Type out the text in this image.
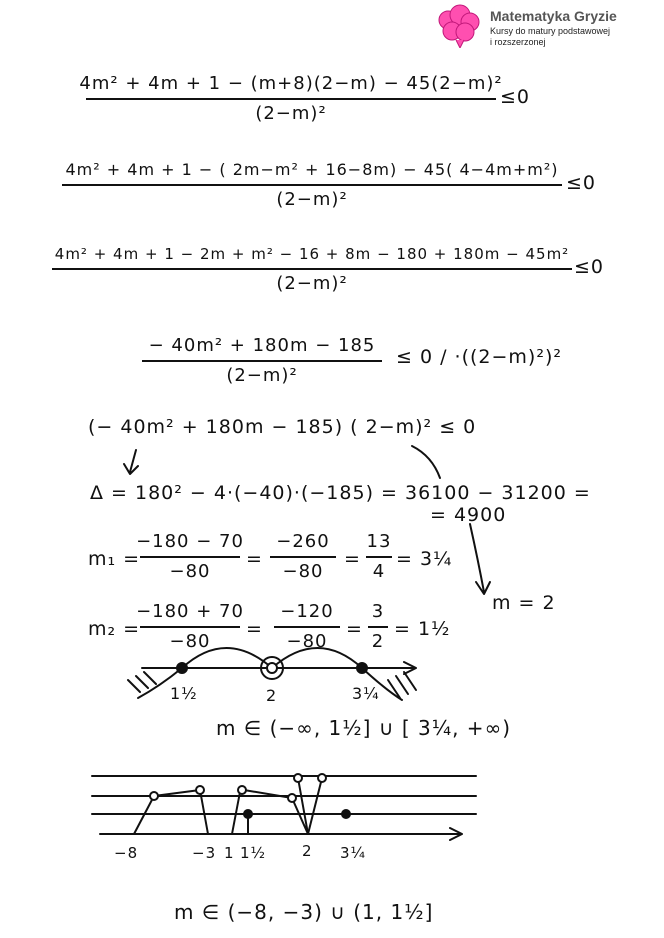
Matematyka Gryzie
Kursy do matury podstawowej
i rozszerzonej
4m² + 4m + 1 − (m+8)(2−m) − 45(2−m)²
(2−m)²
≤0
4m² + 4m + 1 − ( 2m−m² + 16−8m) − 45( 4−4m+m²)
(2−m)²
≤0
4m² + 4m + 1 − 2m + m² − 16 + 8m − 180 + 180m − 45m²
(2−m)²
≤0
− 40m² + 180m − 185
(2−m)²
≤ 0 / ·((2−m)²)²
(− 40m² + 180m − 185) ( 2−m)² ≤ 0
Δ = 180² − 4·(−40)·(−185) = 36100 − 31200 =
= 4900
m = 2
m₁ =
−180 − 70
−80
=
−260
−80
=
13
4
= 3¼
m₂ =
−180 + 70
−80
=
−120
−80
=
3
2
= 1½
1½	2	3¼
m ∈ (−∞, 1½] ∪ [ 3¼, +∞)
−8	−3 1 1½ 2 3¼
m ∈ (−8, −3) ∪ (1, 1½]
